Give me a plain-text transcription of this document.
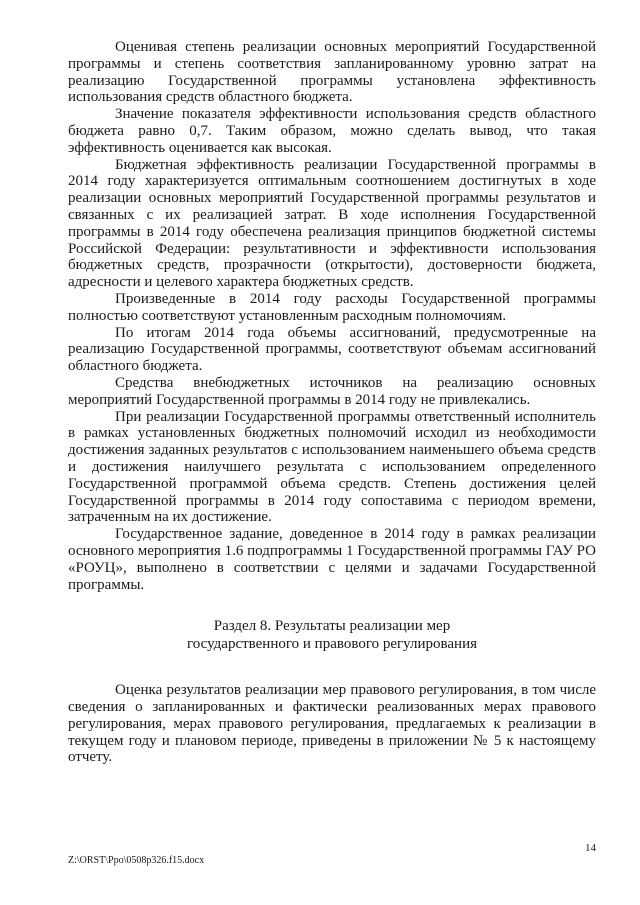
Оценивая степень реализации основных мероприятий Государственной программы и степень соответствия запланированному уровню затрат на реализацию Государственной программы установлена эффективность использования средств областного бюджета.

Значение показателя эффективности использования средств областного бюджета равно 0,7. Таким образом, можно сделать вывод, что такая эффективность оценивается как высокая.

Бюджетная эффективность реализации Государственной программы в 2014 году характеризуется оптимальным соотношением достигнутых в ходе реализации основных мероприятий Государственной программы результатов и связанных с их реализацией затрат. В ходе исполнения Государственной программы в 2014 году обеспечена реализация принципов бюджетной системы Российской Федерации: результативности и эффективности использования бюджетных средств, прозрачности (открытости), достоверности бюджета, адресности и целевого характера бюджетных средств.

Произведенные в 2014 году расходы Государственной программы полностью соответствуют установленным расходным полномочиям.

По итогам 2014 года объемы ассигнований, предусмотренные на реализацию Государственной программы, соответствуют объемам ассигнований областного бюджета.

Средства внебюджетных источников на реализацию основных мероприятий Государственной программы в 2014 году не привлекались.

При реализации Государственной программы ответственный исполнитель в рамках установленных бюджетных полномочий исходил из необходимости достижения заданных результатов с использованием наименьшего объема средств и достижения наилучшего результата с использованием определенного Государственной программой объема средств. Степень достижения целей Государственной программы в 2014 году сопоставима с периодом времени, затраченным на их достижение.

Государственное задание, доведенное в 2014 году в рамках реализации основного мероприятия 1.6 подпрограммы 1 Государственной программы ГАУ РО «РОУЦ», выполнено в соответствии с целями и задачами Государственной программы.

Раздел 8. Результаты реализации мер
государственного и правового регулирования

Оценка результатов реализации мер правового регулирования, в том числе сведения о запланированных и фактически реализованных мерах правового регулирования, мерах правового регулирования, предлагаемых к реализации в текущем году и плановом периоде, приведены в приложении № 5 к настоящему отчету.

14
Z:\ORST\Ppo\0508p326.f15.docx
